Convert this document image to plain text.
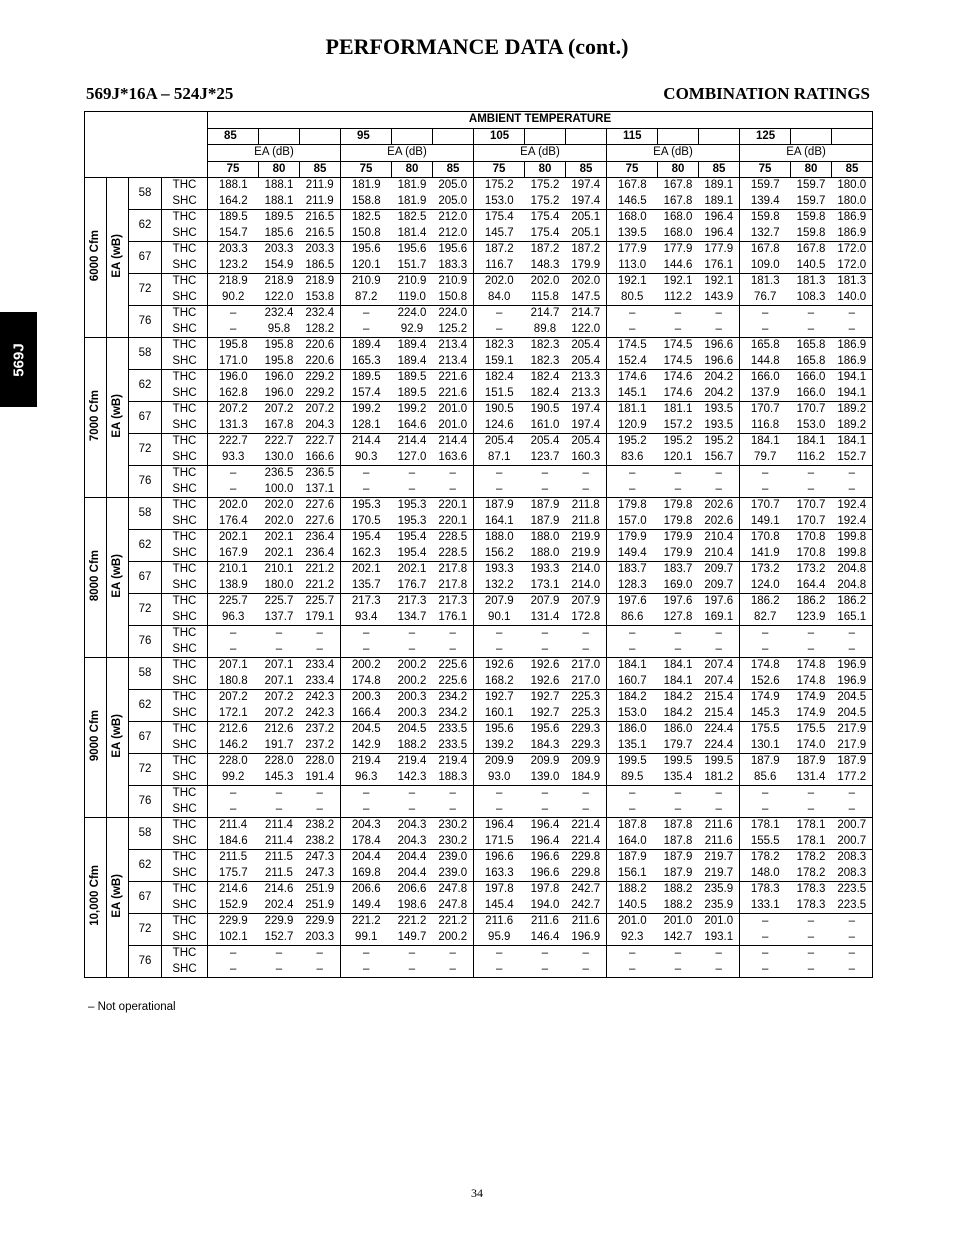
PERFORMANCE DATA (cont.)
569J*16A – 524J*25	COMBINATION RATINGS
569J
				AMBIENT TEMPERATURE														
				85			95			105			115			125		
				EA (dB)			EA (dB)			EA (dB)			EA (dB)			EA (dB)		
				75	80	85	75	80	85	75	80	85	75	80	85	75	80	85
6000 Cfm	EA (wB)	58	THC	188.1	188.1	211.9	181.9	181.9	205.0	175.2	175.2	197.4	167.8	167.8	189.1	159.7	159.7	180.0
			SHC	164.2	188.1	211.9	158.8	181.9	205.0	153.0	175.2	197.4	146.5	167.8	189.1	139.4	159.7	180.0
		62	THC	189.5	189.5	216.5	182.5	182.5	212.0	175.4	175.4	205.1	168.0	168.0	196.4	159.8	159.8	186.9
			SHC	154.7	185.6	216.5	150.8	181.4	212.0	145.7	175.4	205.1	139.5	168.0	196.4	132.7	159.8	186.9
		67	THC	203.3	203.3	203.3	195.6	195.6	195.6	187.2	187.2	187.2	177.9	177.9	177.9	167.8	167.8	172.0
			SHC	123.2	154.9	186.5	120.1	151.7	183.3	116.7	148.3	179.9	113.0	144.6	176.1	109.0	140.5	172.0
		72	THC	218.9	218.9	218.9	210.9	210.9	210.9	202.0	202.0	202.0	192.1	192.1	192.1	181.3	181.3	181.3
			SHC	90.2	122.0	153.8	87.2	119.0	150.8	84.0	115.8	147.5	80.5	112.2	143.9	76.7	108.3	140.0
		76	THC	–	232.4	232.4	–	224.0	224.0	–	214.7	214.7	–	–	–	–	–	–
			SHC	–	95.8	128.2	–	92.9	125.2	–	89.8	122.0	–	–	–	–	–	–
7000 Cfm	EA (wB)	58	THC	195.8	195.8	220.6	189.4	189.4	213.4	182.3	182.3	205.4	174.5	174.5	196.6	165.8	165.8	186.9
			SHC	171.0	195.8	220.6	165.3	189.4	213.4	159.1	182.3	205.4	152.4	174.5	196.6	144.8	165.8	186.9
		62	THC	196.0	196.0	229.2	189.5	189.5	221.6	182.4	182.4	213.3	174.6	174.6	204.2	166.0	166.0	194.1
			SHC	162.8	196.0	229.2	157.4	189.5	221.6	151.5	182.4	213.3	145.1	174.6	204.2	137.9	166.0	194.1
		67	THC	207.2	207.2	207.2	199.2	199.2	201.0	190.5	190.5	197.4	181.1	181.1	193.5	170.7	170.7	189.2
			SHC	131.3	167.8	204.3	128.1	164.6	201.0	124.6	161.0	197.4	120.9	157.2	193.5	116.8	153.0	189.2
		72	THC	222.7	222.7	222.7	214.4	214.4	214.4	205.4	205.4	205.4	195.2	195.2	195.2	184.1	184.1	184.1
			SHC	93.3	130.0	166.6	90.3	127.0	163.6	87.1	123.7	160.3	83.6	120.1	156.7	79.7	116.2	152.7
		76	THC	–	236.5	236.5	–	–	–	–	–	–	–	–	–	–	–	–
			SHC	–	100.0	137.1	–	–	–	–	–	–	–	–	–	–	–	–
8000 Cfm	EA (wB)	58	THC	202.0	202.0	227.6	195.3	195.3	220.1	187.9	187.9	211.8	179.8	179.8	202.6	170.7	170.7	192.4
			SHC	176.4	202.0	227.6	170.5	195.3	220.1	164.1	187.9	211.8	157.0	179.8	202.6	149.1	170.7	192.4
		62	THC	202.1	202.1	236.4	195.4	195.4	228.5	188.0	188.0	219.9	179.9	179.9	210.4	170.8	170.8	199.8
			SHC	167.9	202.1	236.4	162.3	195.4	228.5	156.2	188.0	219.9	149.4	179.9	210.4	141.9	170.8	199.8
		67	THC	210.1	210.1	221.2	202.1	202.1	217.8	193.3	193.3	214.0	183.7	183.7	209.7	173.2	173.2	204.8
			SHC	138.9	180.0	221.2	135.7	176.7	217.8	132.2	173.1	214.0	128.3	169.0	209.7	124.0	164.4	204.8
		72	THC	225.7	225.7	225.7	217.3	217.3	217.3	207.9	207.9	207.9	197.6	197.6	197.6	186.2	186.2	186.2
			SHC	96.3	137.7	179.1	93.4	134.7	176.1	90.1	131.4	172.8	86.6	127.8	169.1	82.7	123.9	165.1
		76	THC	–	–	–	–	–	–	–	–	–	–	–	–	–	–	–
			SHC	–	–	–	–	–	–	–	–	–	–	–	–	–	–	–
9000 Cfm	EA (wB)	58	THC	207.1	207.1	233.4	200.2	200.2	225.6	192.6	192.6	217.0	184.1	184.1	207.4	174.8	174.8	196.9
			SHC	180.8	207.1	233.4	174.8	200.2	225.6	168.2	192.6	217.0	160.7	184.1	207.4	152.6	174.8	196.9
		62	THC	207.2	207.2	242.3	200.3	200.3	234.2	192.7	192.7	225.3	184.2	184.2	215.4	174.9	174.9	204.5
			SHC	172.1	207.2	242.3	166.4	200.3	234.2	160.1	192.7	225.3	153.0	184.2	215.4	145.3	174.9	204.5
		67	THC	212.6	212.6	237.2	204.5	204.5	233.5	195.6	195.6	229.3	186.0	186.0	224.4	175.5	175.5	217.9
			SHC	146.2	191.7	237.2	142.9	188.2	233.5	139.2	184.3	229.3	135.1	179.7	224.4	130.1	174.0	217.9
		72	THC	228.0	228.0	228.0	219.4	219.4	219.4	209.9	209.9	209.9	199.5	199.5	199.5	187.9	187.9	187.9
			SHC	99.2	145.3	191.4	96.3	142.3	188.3	93.0	139.0	184.9	89.5	135.4	181.2	85.6	131.4	177.2
		76	THC	–	–	–	–	–	–	–	–	–	–	–	–	–	–	–
			SHC	–	–	–	–	–	–	–	–	–	–	–	–	–	–	–
10,000 Cfm	EA (wB)	58	THC	211.4	211.4	238.2	204.3	204.3	230.2	196.4	196.4	221.4	187.8	187.8	211.6	178.1	178.1	200.7
			SHC	184.6	211.4	238.2	178.4	204.3	230.2	171.5	196.4	221.4	164.0	187.8	211.6	155.5	178.1	200.7
		62	THC	211.5	211.5	247.3	204.4	204.4	239.0	196.6	196.6	229.8	187.9	187.9	219.7	178.2	178.2	208.3
			SHC	175.7	211.5	247.3	169.8	204.4	239.0	163.3	196.6	229.8	156.1	187.9	219.7	148.0	178.2	208.3
		67	THC	214.6	214.6	251.9	206.6	206.6	247.8	197.8	197.8	242.7	188.2	188.2	235.9	178.3	178.3	223.5
			SHC	152.9	202.4	251.9	149.4	198.6	247.8	145.4	194.0	242.7	140.5	188.2	235.9	133.1	178.3	223.5
		72	THC	229.9	229.9	229.9	221.2	221.2	221.2	211.6	211.6	211.6	201.0	201.0	201.0	–	–	–
			SHC	102.1	152.7	203.3	99.1	149.7	200.2	95.9	146.4	196.9	92.3	142.7	193.1	–	–	–
		76	THC	–	–	–	–	–	–	–	–	–	–	–	–	–	–	–
			SHC	–	–	–	–	–	–	–	–	–	–	–	–	–	–	–
– Not operational
34
